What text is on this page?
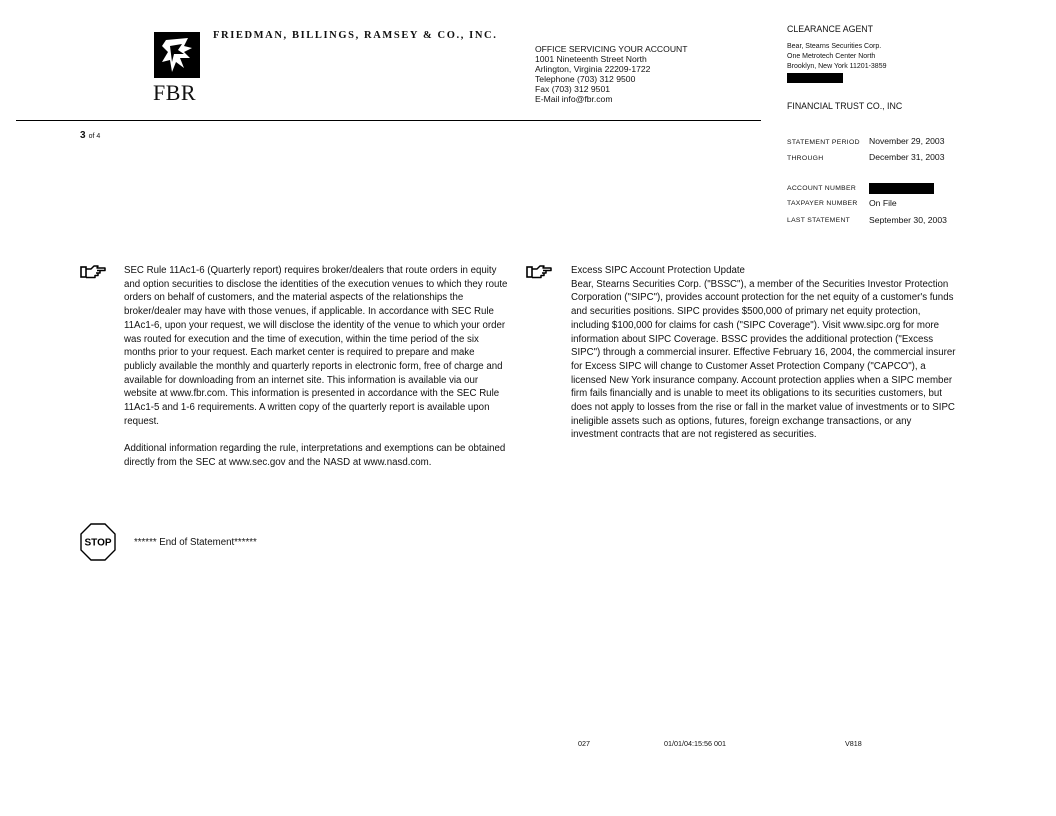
FBR
FRIEDMAN, BILLINGS, RAMSEY & CO., INC.
OFFICE SERVICING YOUR ACCOUNT
1001 Nineteenth Street North
Arlington, Virginia 22209-1722
Telephone (703) 312 9500
Fax (703) 312 9501
E-Mail info@fbr.com
CLEARANCE AGENT
Bear, Stearns Securities Corp.
One Metrotech Center North
Brooklyn, New York 11201-3859
FINANCIAL TRUST CO., INC
STATEMENT PERIOD November 29, 2003
THROUGH	December 31, 2003
ACCOUNT NUMBER
TAXPAYER NUMBER On File
LAST STATEMENT September 30, 2003
3 of 4

SEC Rule 11Ac1-6 (Quarterly report) requires broker/dealers that route orders in equity and option securities to disclose the identities of the execution venues to which they route orders on behalf of customers, and the material aspects of the relationships the broker/dealer may have with those venues, if applicable. In accordance with SEC Rule 11Ac1-6, upon your request, we will disclose the identity of the venue to which your order was routed for execution and the time of execution, within the time period of the six months prior to your request. Each market center is required to prepare and make publicly available the monthly and quarterly reports in electronic form, free of charge and available for downloading from an internet site. This information is available via our website at www.fbr.com. This information is presented in accordance with the SEC Rule 11Ac1-5 and 1-6 requirements. A written copy of the quarterly report is available upon request.

Additional information regarding the rule, interpretations and exemptions can be obtained directly from the SEC at www.sec.gov and the NASD at www.nasd.com.

Excess SIPC Account Protection Update

Bear, Stearns Securities Corp. ("BSSC"), a member of the Securities Investor Protection Corporation ("SIPC"), provides account protection for the net equity of a customer's funds and securities positions. SIPC provides $500,000 of primary net equity protection, including $100,000 for claims for cash ("SIPC Coverage"). Visit www.sipc.org for more information about SIPC Coverage. BSSC provides the additional protection ("Excess SIPC") through a commercial insurer. Effective February 16, 2004, the commercial insurer for Excess SIPC will change to Customer Asset Protection Company ("CAPCO"), a licensed New York insurance company. Account protection applies when a SIPC member firm fails financially and is unable to meet its obligations to its securities customers, but does not apply to losses from the rise or fall in the market value of investments or to SIPC ineligible assets such as options, futures, foreign exchange transactions, or any investment contracts that are not registered as securities.

STOP ****** End of Statement******
027	01/01/04:15:56 001	V818
